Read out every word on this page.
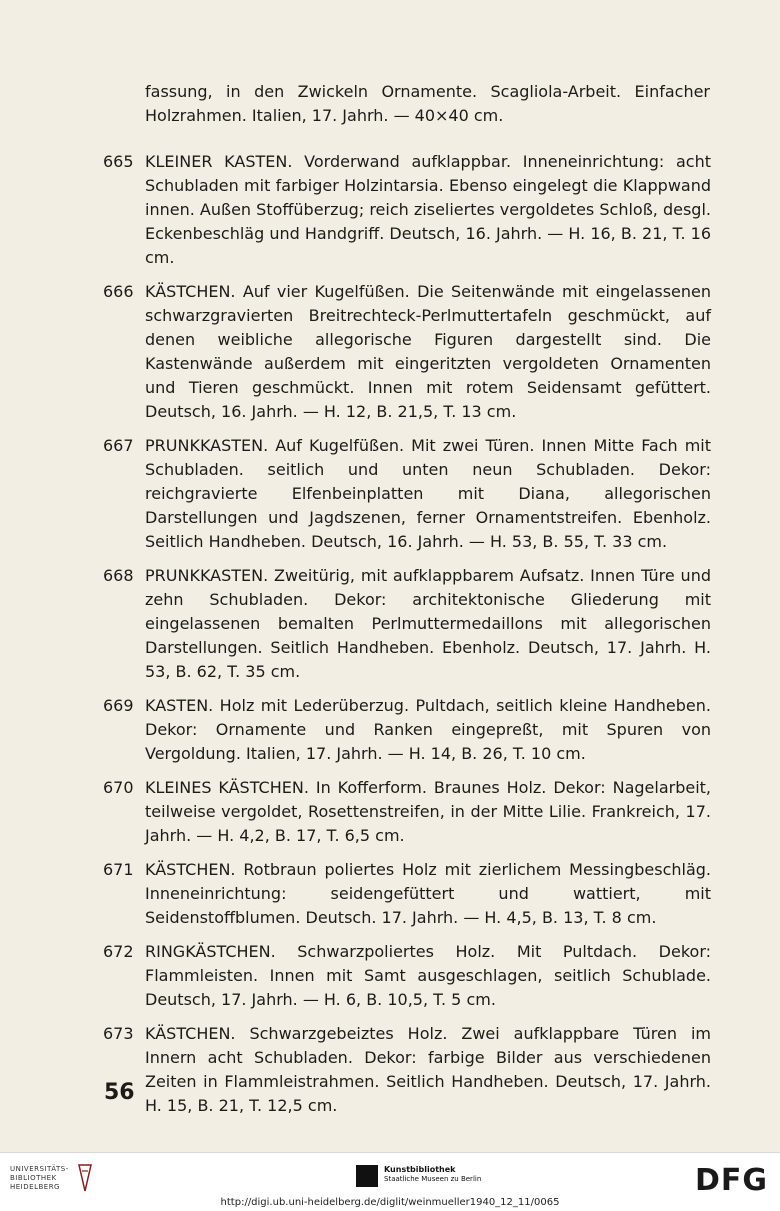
fassung, in den Zwickeln Ornamente. Scagliola-Arbeit. Einfacher Holzrahmen. Italien, 17. Jahrh. — 40×40 cm.
665 KLEINER KASTEN. Vorderwand aufklappbar. Inneneinrichtung: acht Schubladen mit farbiger Holzintarsia. Ebenso eingelegt die Klappwand innen. Außen Stoffüberzug; reich ziseliertes vergoldetes Schloß, desgl. Eckenbeschläg und Handgriff. Deutsch, 16. Jahrh. — H. 16, B. 21, T. 16 cm.
666 KÄSTCHEN. Auf vier Kugelfüßen. Die Seitenwände mit eingelassenen schwarzgravierten Breitrechteck-Perlmuttertafeln geschmückt, auf denen weibliche allegorische Figuren dargestellt sind. Die Kastenwände außerdem mit eingeritzten vergoldeten Ornamenten und Tieren geschmückt. Innen mit rotem Seidensamt gefüttert. Deutsch, 16. Jahrh. — H. 12, B. 21,5, T. 13 cm.
667 PRUNKKASTEN. Auf Kugelfüßen. Mit zwei Türen. Innen Mitte Fach mit Schubladen. seitlich und unten neun Schubladen. Dekor: reichgravierte Elfenbeinplatten mit Diana, allegorischen Darstellungen und Jagdszenen, ferner Ornamentstreifen. Ebenholz. Seitlich Handheben. Deutsch, 16. Jahrh. — H. 53, B. 55, T. 33 cm.
668 PRUNKKASTEN. Zweitürig, mit aufklappbarem Aufsatz. Innen Türe und zehn Schubladen. Dekor: architektonische Gliederung mit eingelassenen bemalten Perlmuttermedaillons mit allegorischen Darstellungen. Seitlich Handheben. Ebenholz. Deutsch, 17. Jahrh. H. 53, B. 62, T. 35 cm.
669 KASTEN. Holz mit Lederüberzug. Pultdach, seitlich kleine Handheben. Dekor: Ornamente und Ranken eingepreßt, mit Spuren von Vergoldung. Italien, 17. Jahrh. — H. 14, B. 26, T. 10 cm.
670 KLEINES KÄSTCHEN. In Kofferform. Braunes Holz. Dekor: Nagelarbeit, teilweise vergoldet, Rosettenstreifen, in der Mitte Lilie. Frankreich, 17. Jahrh. — H. 4,2, B. 17, T. 6,5 cm.
671 KÄSTCHEN. Rotbraun poliertes Holz mit zierlichem Messingbeschläg. Inneneinrichtung: seidengefüttert und wattiert, mit Seidenstoffblumen. Deutsch. 17. Jahrh. — H. 4,5, B. 13, T. 8 cm.
672 RINGKÄSTCHEN. Schwarzpoliertes Holz. Mit Pultdach. Dekor: Flammleisten. Innen mit Samt ausgeschlagen, seitlich Schublade. Deutsch, 17. Jahrh. — H. 6, B. 10,5, T. 5 cm.
673 KÄSTCHEN. Schwarzgebeiztes Holz. Zwei aufklappbare Türen im Innern acht Schubladen. Dekor: farbige Bilder aus verschiedenen Zeiten in Flammleistrahmen. Seitlich Handheben. Deutsch, 17. Jahrh. H. 15, B. 21, T. 12,5 cm.
56
UNIVERSITÄTS-
BIBLIOTHEK
HEIDELBERG
Kunstbibliothek
Staatliche Museen zu Berlin	DFG
http://digi.ub.uni-heidelberg.de/diglit/weinmueller1940_12_11/0065
